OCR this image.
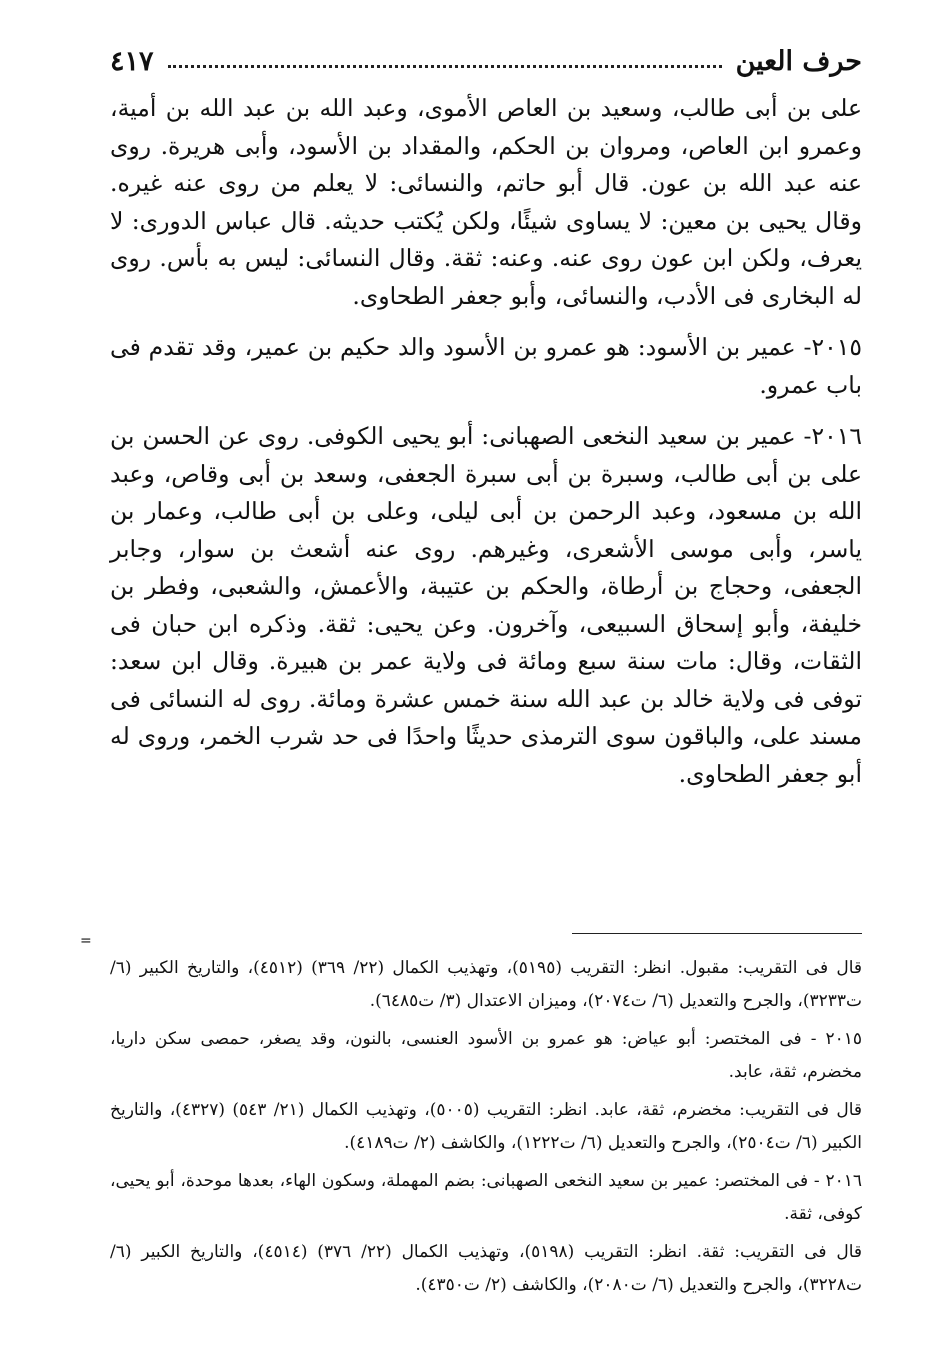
حرف العين
٤١٧

على بن أبى طالب، وسعيد بن العاص الأموى، وعبد الله بن عبد الله بن أمية، وعمرو ابن العاص، ومروان بن الحكم، والمقداد بن الأسود، وأبى هريرة. روى عنه عبد الله بن عون. قال أبو حاتم، والنسائى: لا يعلم من روى عنه غيره. وقال يحيى بن معين: لا يساوى شيئًا، ولكن يُكتب حديثه. قال عباس الدورى: لا يعرف، ولكن ابن عون روى عنه. وعنه: ثقة. وقال النسائى: ليس به بأس. روى له البخارى فى الأدب، والنسائى، وأبو جعفر الطحاوى.

٢٠١٥- عمير بن الأسود: هو عمرو بن الأسود والد حكيم بن عمير، وقد تقدم فى باب عمرو.

٢٠١٦- عمير بن سعيد النخعى الصهبانى: أبو يحيى الكوفى. روى عن الحسن بن على بن أبى طالب، وسبرة بن أبى سبرة الجعفى، وسعد بن أبى وقاص، وعبد الله بن مسعود، وعبد الرحمن بن أبى ليلى، وعلى بن أبى طالب، وعمار بن ياسر، وأبى موسى الأشعرى، وغيرهم. روى عنه أشعث بن سوار، وجابر الجعفى، وحجاج بن أرطاة، والحكم بن عتيبة، والأعمش، والشعبى، وفطر بن خليفة، وأبو إسحاق السبيعى، وآخرون. وعن يحيى: ثقة. وذكره ابن حبان فى الثقات، وقال: مات سنة سبع ومائة فى ولاية عمر بن هبيرة. وقال ابن سعد: توفى فى ولاية خالد بن عبد الله سنة خمس عشرة ومائة. روى له النسائى فى مسند على، والباقون سوى الترمذى حديثًا واحدًا فى حد شرب الخمر، وروى له أبو جعفر الطحاوى.

=

قال فى التقريب: مقبول. انظر: التقريب (٥١٩٥)، وتهذيب الكمال (٢٢/ ٣٦٩) (٤٥١٢)، والتاريخ الكبير (٦/ ت٣٢٣٣)، والجرح والتعديل (٦/ ت٢٠٧٤)، وميزان الاعتدال (٣/ ت٦٤٨٥).

٢٠١٥ - فى المختصر: أبو عياض: هو عمرو بن الأسود العنسى، بالنون، وقد يصغر، حمصى سكن داريا، مخضرم، ثقة، عابد.

قال فى التقريب: مخضرم، ثقة، عابد. انظر: التقريب (٥٠٠٥)، وتهذيب الكمال (٢١/ ٥٤٣) (٤٣٢٧)، والتاريخ الكبير (٦/ ت٢٥٠٤)، والجرح والتعديل (٦/ ت١٢٢٢)، والكاشف (٢/ ت٤١٨٩).

٢٠١٦ - فى المختصر: عمير بن سعيد النخعى الصهبانى: بضم المهملة، وسكون الهاء، بعدها موحدة، أبو يحيى، كوفى، ثقة.

قال فى التقريب: ثقة. انظر: التقريب (٥١٩٨)، وتهذيب الكمال (٢٢/ ٣٧٦) (٤٥١٤)، والتاريخ الكبير (٦/ ت٣٢٢٨)، والجرح والتعديل (٦/ ت٢٠٨٠)، والكاشف (٢/ ت٤٣٥٠).
